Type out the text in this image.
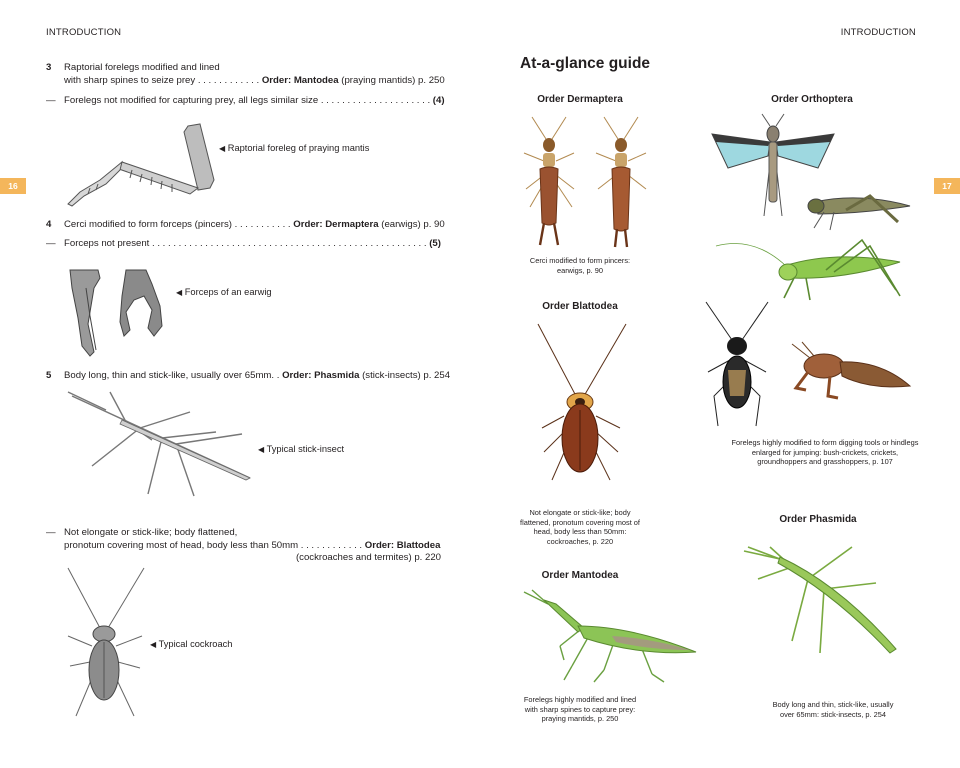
INTRODUCTION	INTRODUCTION
16	17
3 Raptorial forelegs modified and lined
with sharp spines to seize prey . . . . . . . . . . . . Order: Mantodea (praying mantids) p. 250
— Forelegs not modified for capturing prey, all legs similar size . . . . . . . . . . . . . . . . . . . . . (4)
◀ Raptorial foreleg of praying mantis
4 Cerci modified to form forceps (pincers) . . . . . . . . . . . Order: Dermaptera (earwigs) p. 90
— Forceps not present . . . . . . . . . . . . . . . . . . . . . . . . . . . . . . . . . . . . . . . . . . . . . . . . . . . . (5)
◀ Forceps of an earwig
5 Body long, thin and stick-like, usually over 65mm. . Order: Phasmida (stick-insects) p. 254
◀ Typical stick-insect
— Not elongate or stick-like; body flattened,
pronotum covering most of head, body less than 50mm . . . . . . . . . . . . Order: Blattodea
(cockroaches and termites) p. 220
◀ Typical cockroach
At-a-glance guide
Order Dermaptera
Cerci modified to form pincers:
earwigs, p. 90
Order Blattodea
Not elongate or stick-like; body
flattened, pronotum covering most of
head, body less than 50mm:
cockroaches, p. 220
Order Mantodea
Forelegs highly modified and lined
with sharp spines to capture prey:
praying mantids, p. 250
Order Orthoptera
Forelegs highly modified to form digging tools or hindlegs
enlarged for jumping: bush-crickets, crickets,
groundhoppers and grasshoppers, p. 107
Order Phasmida
Body long and thin, stick-like, usually
over 65mm: stick-insects, p. 254
